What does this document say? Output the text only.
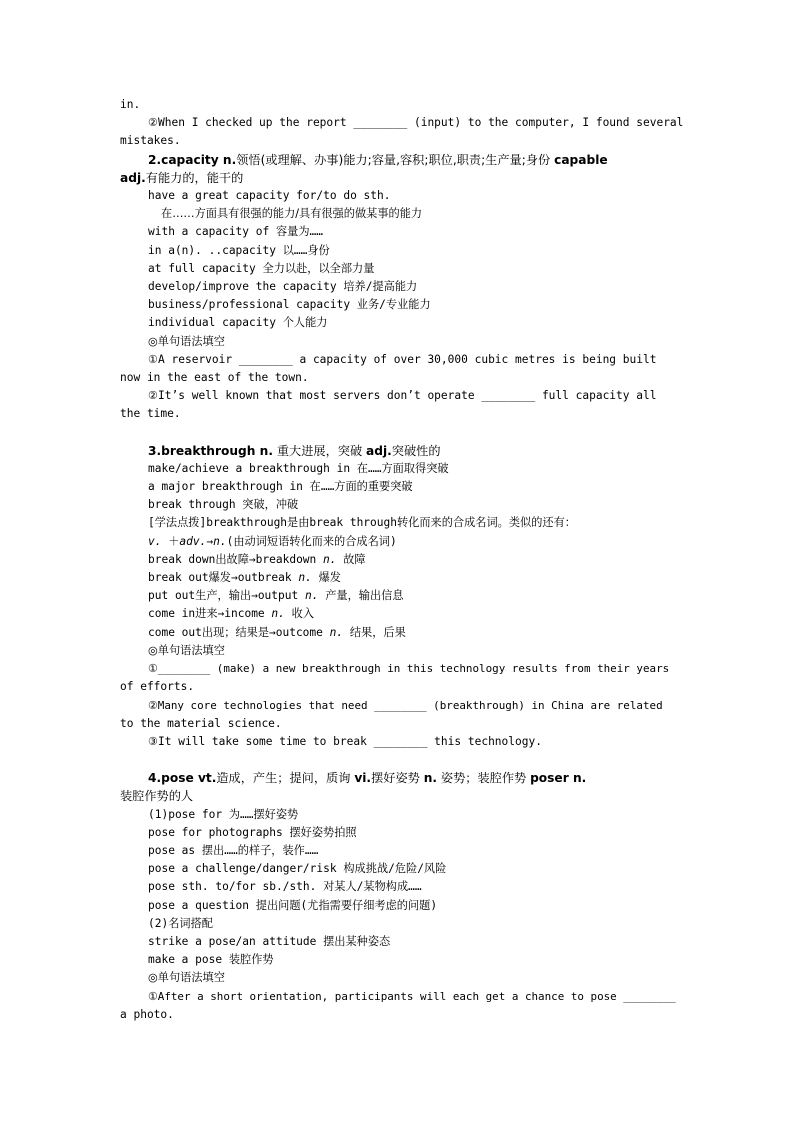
in.
②When I checked up the report ________ (input) to the computer, I found several
mistakes.
2.capacity n.领悟(或理解、办事)能力;容量,容积;职位,职责;生产量;身份 capable
adj.有能力的，能干的
have a great capacity for/to do sth.
在……方面具有很强的能力/具有很强的做某事的能力
with a capacity of 容量为……
in a(n). ..capacity 以……身份
at full capacity 全力以赴，以全部力量
develop/improve the capacity 培养/提高能力
business/professional capacity 业务/专业能力
individual capacity 个人能力
◎单句语法填空
①A reservoir ________ a capacity of over 30,000 cubic metres is being built
now in the east of the town.
②It’s well known that most servers don’t operate ________ full capacity all
the time.
3.breakthrough n. 重大进展，突破 adj.突破性的
make/achieve a breakthrough in 在……方面取得突破
a major breakthrough in 在……方面的重要突破
break through 突破，冲破
[学法点拨]breakthrough是由break through转化而来的合成名词。类似的还有：
v. ＋adv.→n.(由动词短语转化而来的合成名词)
break down出故障→breakdown n. 故障
break out爆发→outbreak n. 爆发
put out生产，输出→output n. 产量，输出信息
come in进来→income n. 收入
come out出现；结果是→outcome n. 结果，后果
◎单句语法填空
①________ (make) a new breakthrough in this technology results from their years
of efforts.
②Many core technologies that need ________ (breakthrough) in China are related
to the material science.
③It will take some time to break ________ this technology.
4.pose vt.造成，产生；提问，质询 vi.摆好姿势 n. 姿势；装腔作势 poser n.
装腔作势的人
(1)pose for 为……摆好姿势
pose for photographs 摆好姿势拍照
pose as 摆出……的样子，装作……
pose a challenge/danger/risk 构成挑战/危险/风险
pose sth. to/for sb./sth. 对某人/某物构成……
pose a question 提出问题(尤指需要仔细考虑的问题)
(2)名词搭配
strike a pose/an attitude 摆出某种姿态
make a pose 装腔作势
◎单句语法填空
①After a short orientation, participants will each get a chance to pose ________
a photo.
